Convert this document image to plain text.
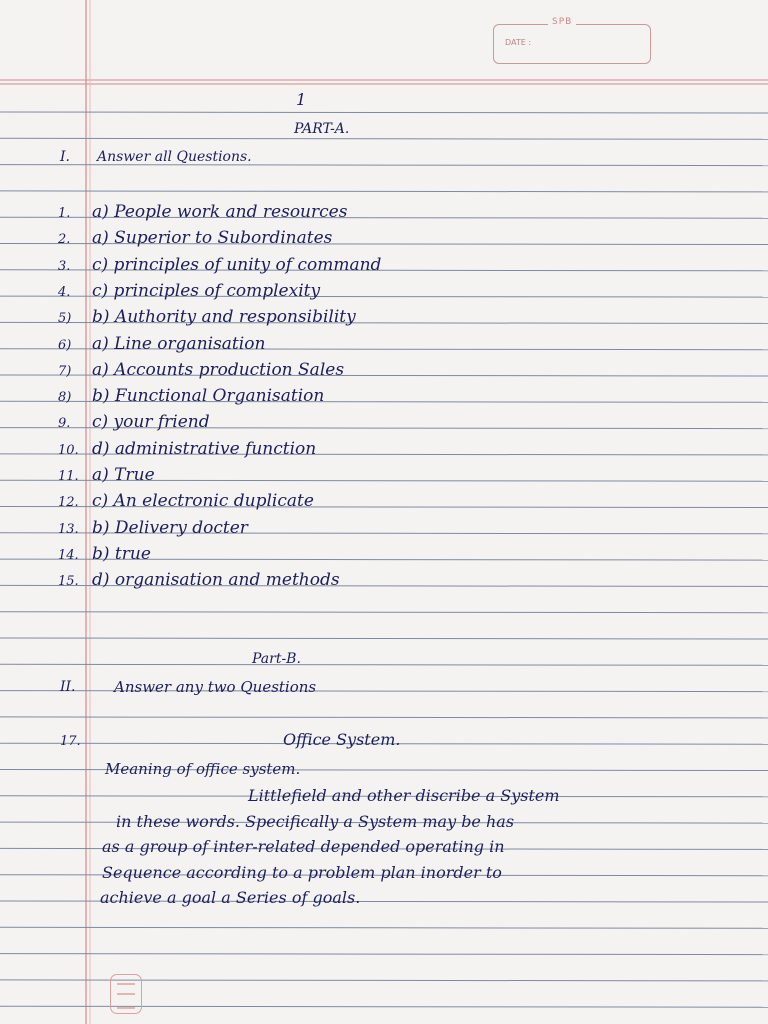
SPB
DATE :
1
PART-A.
I. Answer all Questions.
1. a) People work and resources
2. a) Superior to Subordinates
3. c) principles of unity of command
4. c) principles of complexity
5) b) Authority and responsibility
6) a) Line organisation
7) a) Accounts production Sales
8) b) Functional Organisation
9. c) your friend
10. d) administrative function
11. a) True
12. c) An electronic duplicate
13. b) Delivery docter
14. b) true
15. d) organisation and methods
Part-B.
II.	Answer any two Questions
17.	Office System.
Meaning of office system.
Littlefield and other discribe a System
in these words. Specifically a System may be has
as a group of inter-related depended operating in
Sequence according to a problem plan inorder to
achieve a goal a Series of goals.
